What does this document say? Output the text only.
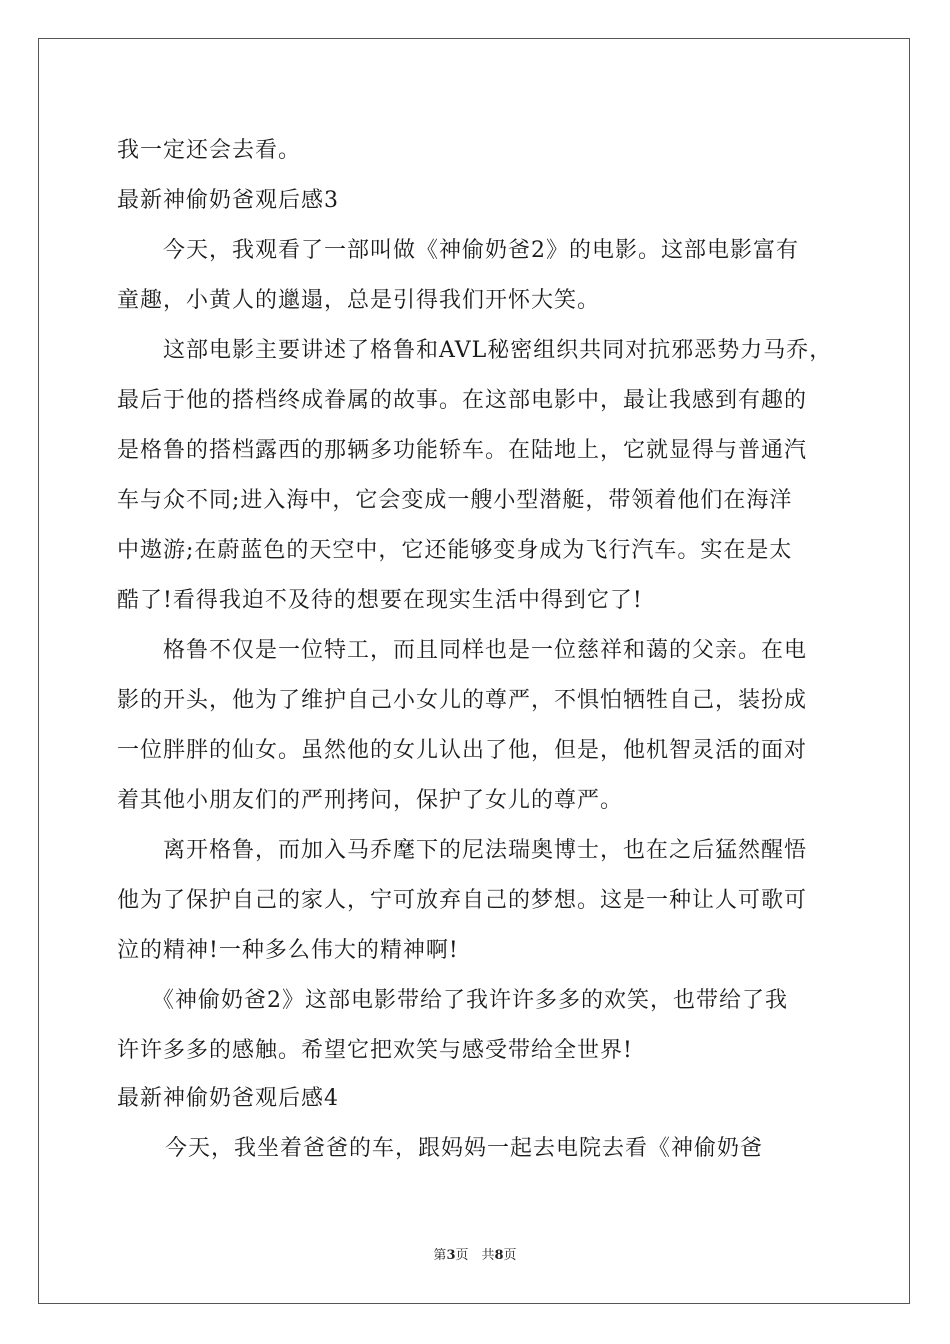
我一定还会去看。
最新神偷奶爸观后感3
今天，我观看了一部叫做《神偷奶爸2》的电影。这部电影富有
童趣，小黄人的邋遢，总是引得我们开怀大笑。
这部电影主要讲述了格鲁和AVL秘密组织共同对抗邪恶势力马乔，
最后于他的搭档终成眷属的故事。在这部电影中，最让我感到有趣的
是格鲁的搭档露西的那辆多功能轿车。在陆地上，它就显得与普通汽
车与众不同;进入海中，它会变成一艘小型潜艇，带领着他们在海洋
中遨游;在蔚蓝色的天空中，它还能够变身成为飞行汽车。实在是太
酷了!看得我迫不及待的想要在现实生活中得到它了!
格鲁不仅是一位特工，而且同样也是一位慈祥和蔼的父亲。在电
影的开头，他为了维护自己小女儿的尊严，不惧怕牺牲自己，装扮成
一位胖胖的仙女。虽然他的女儿认出了他，但是，他机智灵活的面对
着其他小朋友们的严刑拷问，保护了女儿的尊严。
离开格鲁，而加入马乔麾下的尼法瑞奥博士，也在之后猛然醒悟
他为了保护自己的家人，宁可放弃自己的梦想。这是一种让人可歌可
泣的精神!一种多么伟大的精神啊!
《神偷奶爸2》这部电影带给了我许许多多的欢笑，也带给了我
许许多多的感触。希望它把欢笑与感受带给全世界!
最新神偷奶爸观后感4
今天，我坐着爸爸的车，跟妈妈一起去电院去看《神偷奶爸
第3页　共8页
